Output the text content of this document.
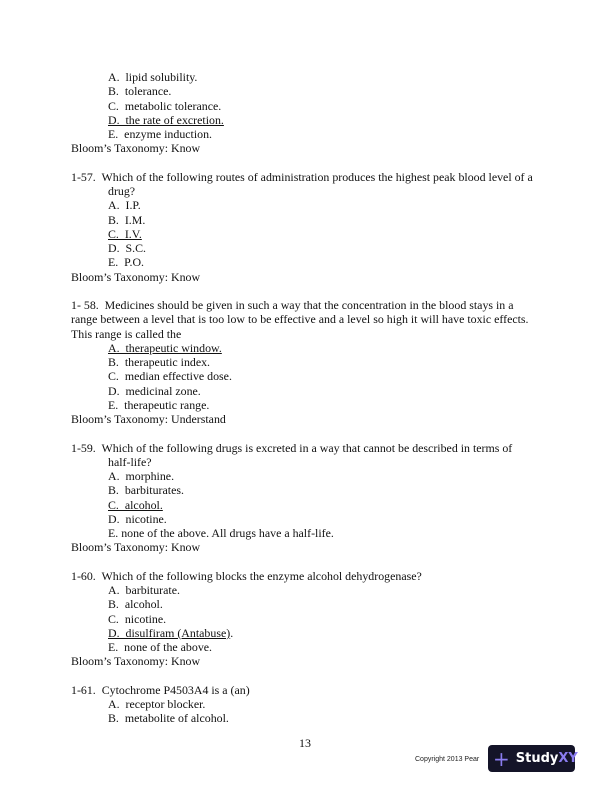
A.  lipid solubility.
B.  tolerance.
C.  metabolic tolerance.
D.  the rate of excretion.
E.  enzyme induction.
Bloom’s Taxonomy: Know
1-57.  Which of the following routes of administration produces the highest peak blood level of a
drug?
A.  I.P.
B.  I.M.
C.  I.V.
D.  S.C.
E.  P.O.
Bloom’s Taxonomy: Know
1- 58.  Medicines should be given in such a way that the concentration in the blood stays in a
range between a level that is too low to be effective and a level so high it will have toxic effects.
This range is called the
A.  therapeutic window.
B.  therapeutic index.
C.  median effective dose.
D.  medicinal zone.
E.  therapeutic range.
Bloom’s Taxonomy: Understand
1-59.  Which of the following drugs is excreted in a way that cannot be described in terms of
half-life?
A.  morphine.
B.  barbiturates.
C.  alcohol.
D.  nicotine.
E. none of the above. All drugs have a half-life.
Bloom’s Taxonomy: Know
1-60.  Which of the following blocks the enzyme alcohol dehydrogenase?
A.  barbiturate.
B.  alcohol.
C.  nicotine.
D.  disulfiram (Antabuse).
E.  none of the above.
Bloom’s Taxonomy: Know
1-61.  Cytochrome P4503A4 is a (an)
A.  receptor blocker.
B.  metabolite of alcohol.
13
Copyright 2013 Pear + Study XY
